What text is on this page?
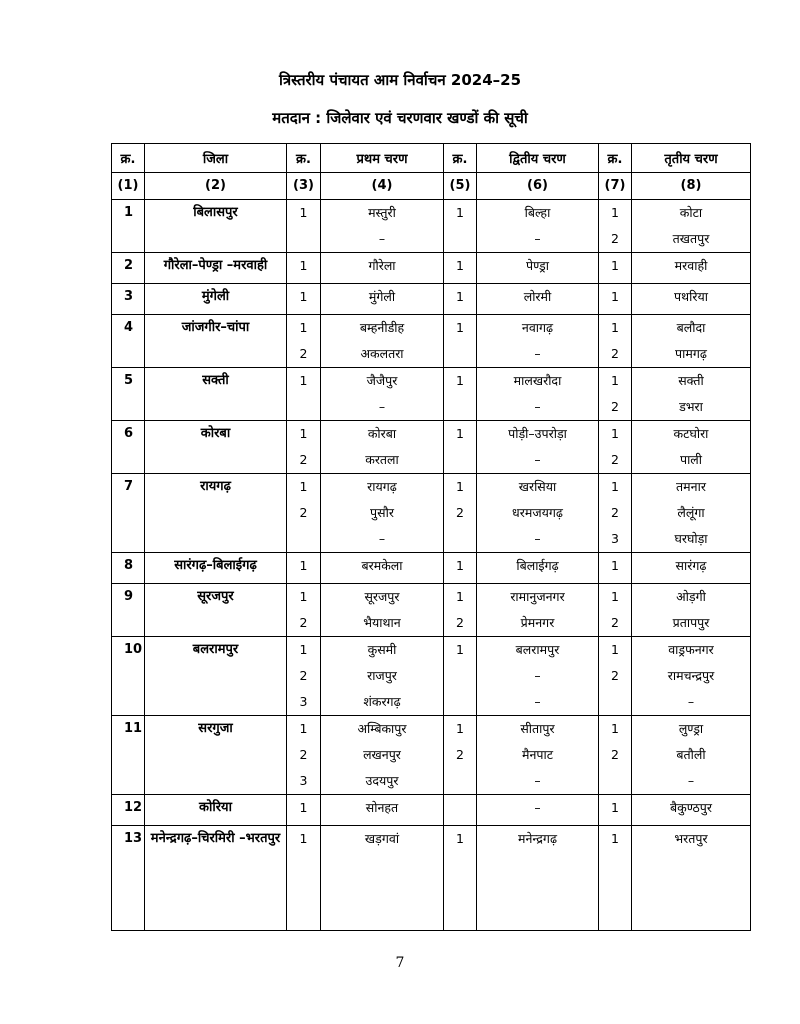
त्रिस्तरीय पंचायत आम निर्वाचन 2024–25
मतदान : जिलेवार एवं चरणवार खण्डों की सूची
क्र.	जिला	क्र.	प्रथम चरण	क्र.	द्वितीय चरण	क्र.	तृतीय चरण
(1)	(2)	(3)	(4)	(5)	(6)	(7)	(8)
1	बिलासपुर	1	मस्तुरी	1	बिल्हा	1	कोटा
			–		–	2	तखतपुर
2	गौरेला–पेण्ड्रा –मरवाही	1	गौरेला	1	पेण्ड्रा	1	मरवाही
3	मुंगेली	1	मुंगेली	1	लोरमी	1	पथरिया
4	जांजगीर–चांपा	1	बम्हनीडीह	1	नवागढ़	1	बलौदा
		2	अकलतरा		–	2	पामगढ़
5	सक्ती	1	जैजैपुर	1	मालखरौदा	1	सक्ती
			–		–	2	डभरा
6	कोरबा	1	कोरबा	1	पोड़ी–उपरोड़ा	1	कटघोरा
		2	करतला		–	2	पाली
7	रायगढ़	1	रायगढ़	1	खरसिया	1	तमनार
		2	पुसौर	2	धरमजयगढ़	2	लैलूंगा
			–		–	3	घरघोड़ा
8	सारंगढ़–बिलाईगढ़	1	बरमकेला	1	बिलाईगढ़	1	सारंगढ़
9	सूरजपुर	1	सूरजपुर	1	रामानुजनगर	1	ओड़गी
		2	भैयाथान	2	प्रेमनगर	2	प्रतापपुर
10	बलरामपुर	1	कुसमी	1	बलरामपुर	1	वाड्रफनगर
		2	राजपुर		–	2	रामचन्द्रपुर
		3	शंकरगढ़		–		–
11	सरगुजा	1	अम्बिकापुर	1	सीतापुर	1	लुण्ड्रा
		2	लखनपुर	2	मैनपाट	2	बतौली
		3	उदयपुर		–		–
12	कोरिया	1	सोनहत		–	1	बैकुण्ठपुर
13	मनेन्द्रगढ़–चिरमिरी –भरतपुर	1	खड़गवां	1	मनेन्द्रगढ़	1	भरतपुर
7
